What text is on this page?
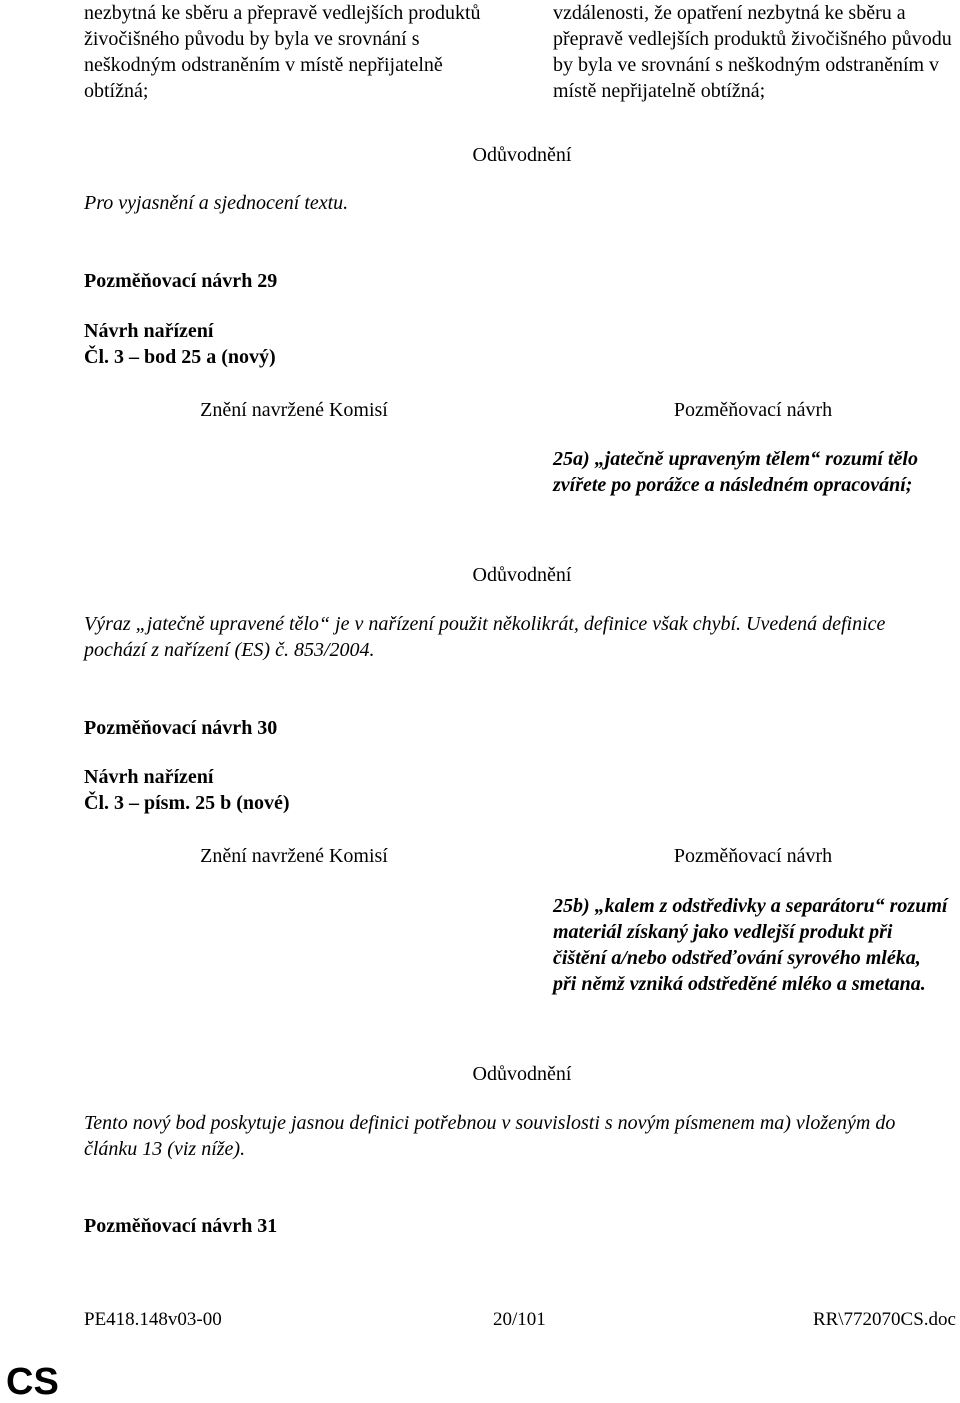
nezbytná ke sběru a přepravě vedlejších produktů živočišného původu by byla ve srovnání s neškodným odstraněním v místě nepřijatelně obtížná;

vzdálenosti, že opatření nezbytná ke sběru a přepravě vedlejších produktů živočišného původu by byla ve srovnání s neškodným odstraněním v místě nepřijatelně obtížná;

Odůvodnění
Pro vyjasnění a sjednocení textu.
Pozměňovací návrh 29
Návrh nařízení
Čl. 3 – bod 25 a (nový)
Znění navržené Komisí	Pozměňovací návrh

25a) „jatečně upraveným tělem“ rozumí tělo zvířete po porážce a následném opracování;

Odůvodnění

Výraz „jatečně upravené tělo“ je v nařízení použit několikrát, definice však chybí. Uvedená definice pochází z nařízení (ES) č. 853/2004.

Pozměňovací návrh 30
Návrh nařízení
Čl. 3 – písm. 25 b (nové)
Znění navržené Komisí	Pozměňovací návrh

25b) „kalem z odstředivky a separátoru“ rozumí materiál získaný jako vedlejší produkt při čištění a/nebo odstřeďování syrového mléka, při němž vzniká odstředěné mléko a smetana.

Odůvodnění

Tento nový bod poskytuje jasnou definici potřebnou v souvislosti s novým písmenem ma) vloženým do článku 13 (viz níže).

Pozměňovací návrh 31
PE418.148v03-00	20/101	RR\772070CS.doc
CS
